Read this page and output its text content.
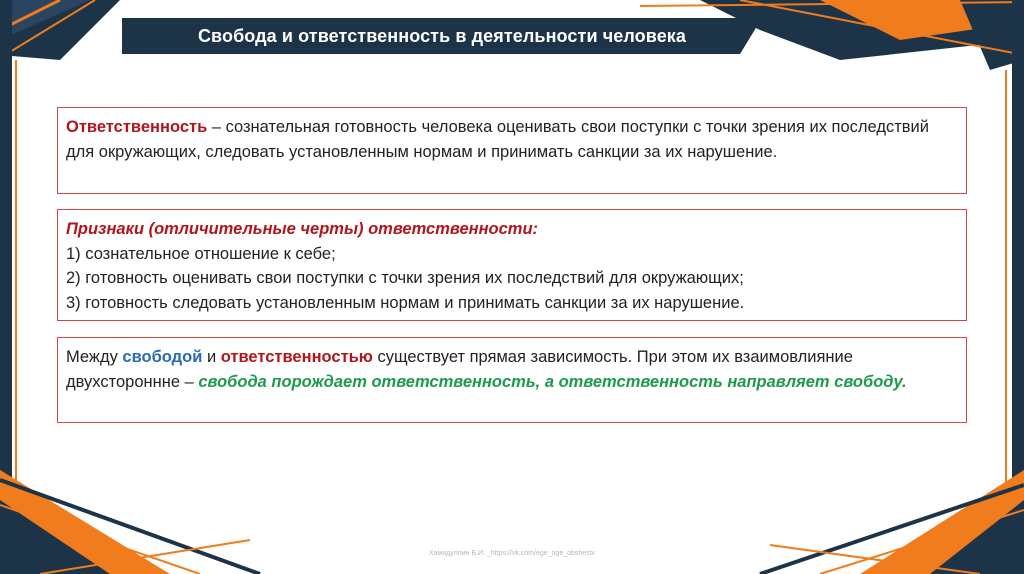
Свобода и ответственность в деятельности человека
Ответственность – сознательная готовность человека оценивать свои поступки с точки зрения их последствий для окружающих, следовать установленным нормам и принимать санкции за их нарушение.
Признаки (отличительные черты) ответственности:
1) сознательное отношение к себе;
2) готовность оценивать свои поступки с точки зрения их последствий для окружающих;
3) готовность следовать установленным нормам и принимать санкции за их нарушение.
Между свободой и ответственностью существует прямая зависимость. При этом их взаимовлияние двухстороннне – свобода порождает ответственность, а ответственность направляет свободу.
Хамидуллин Б.И. _https://vk.com/ege_oge_obshestv
